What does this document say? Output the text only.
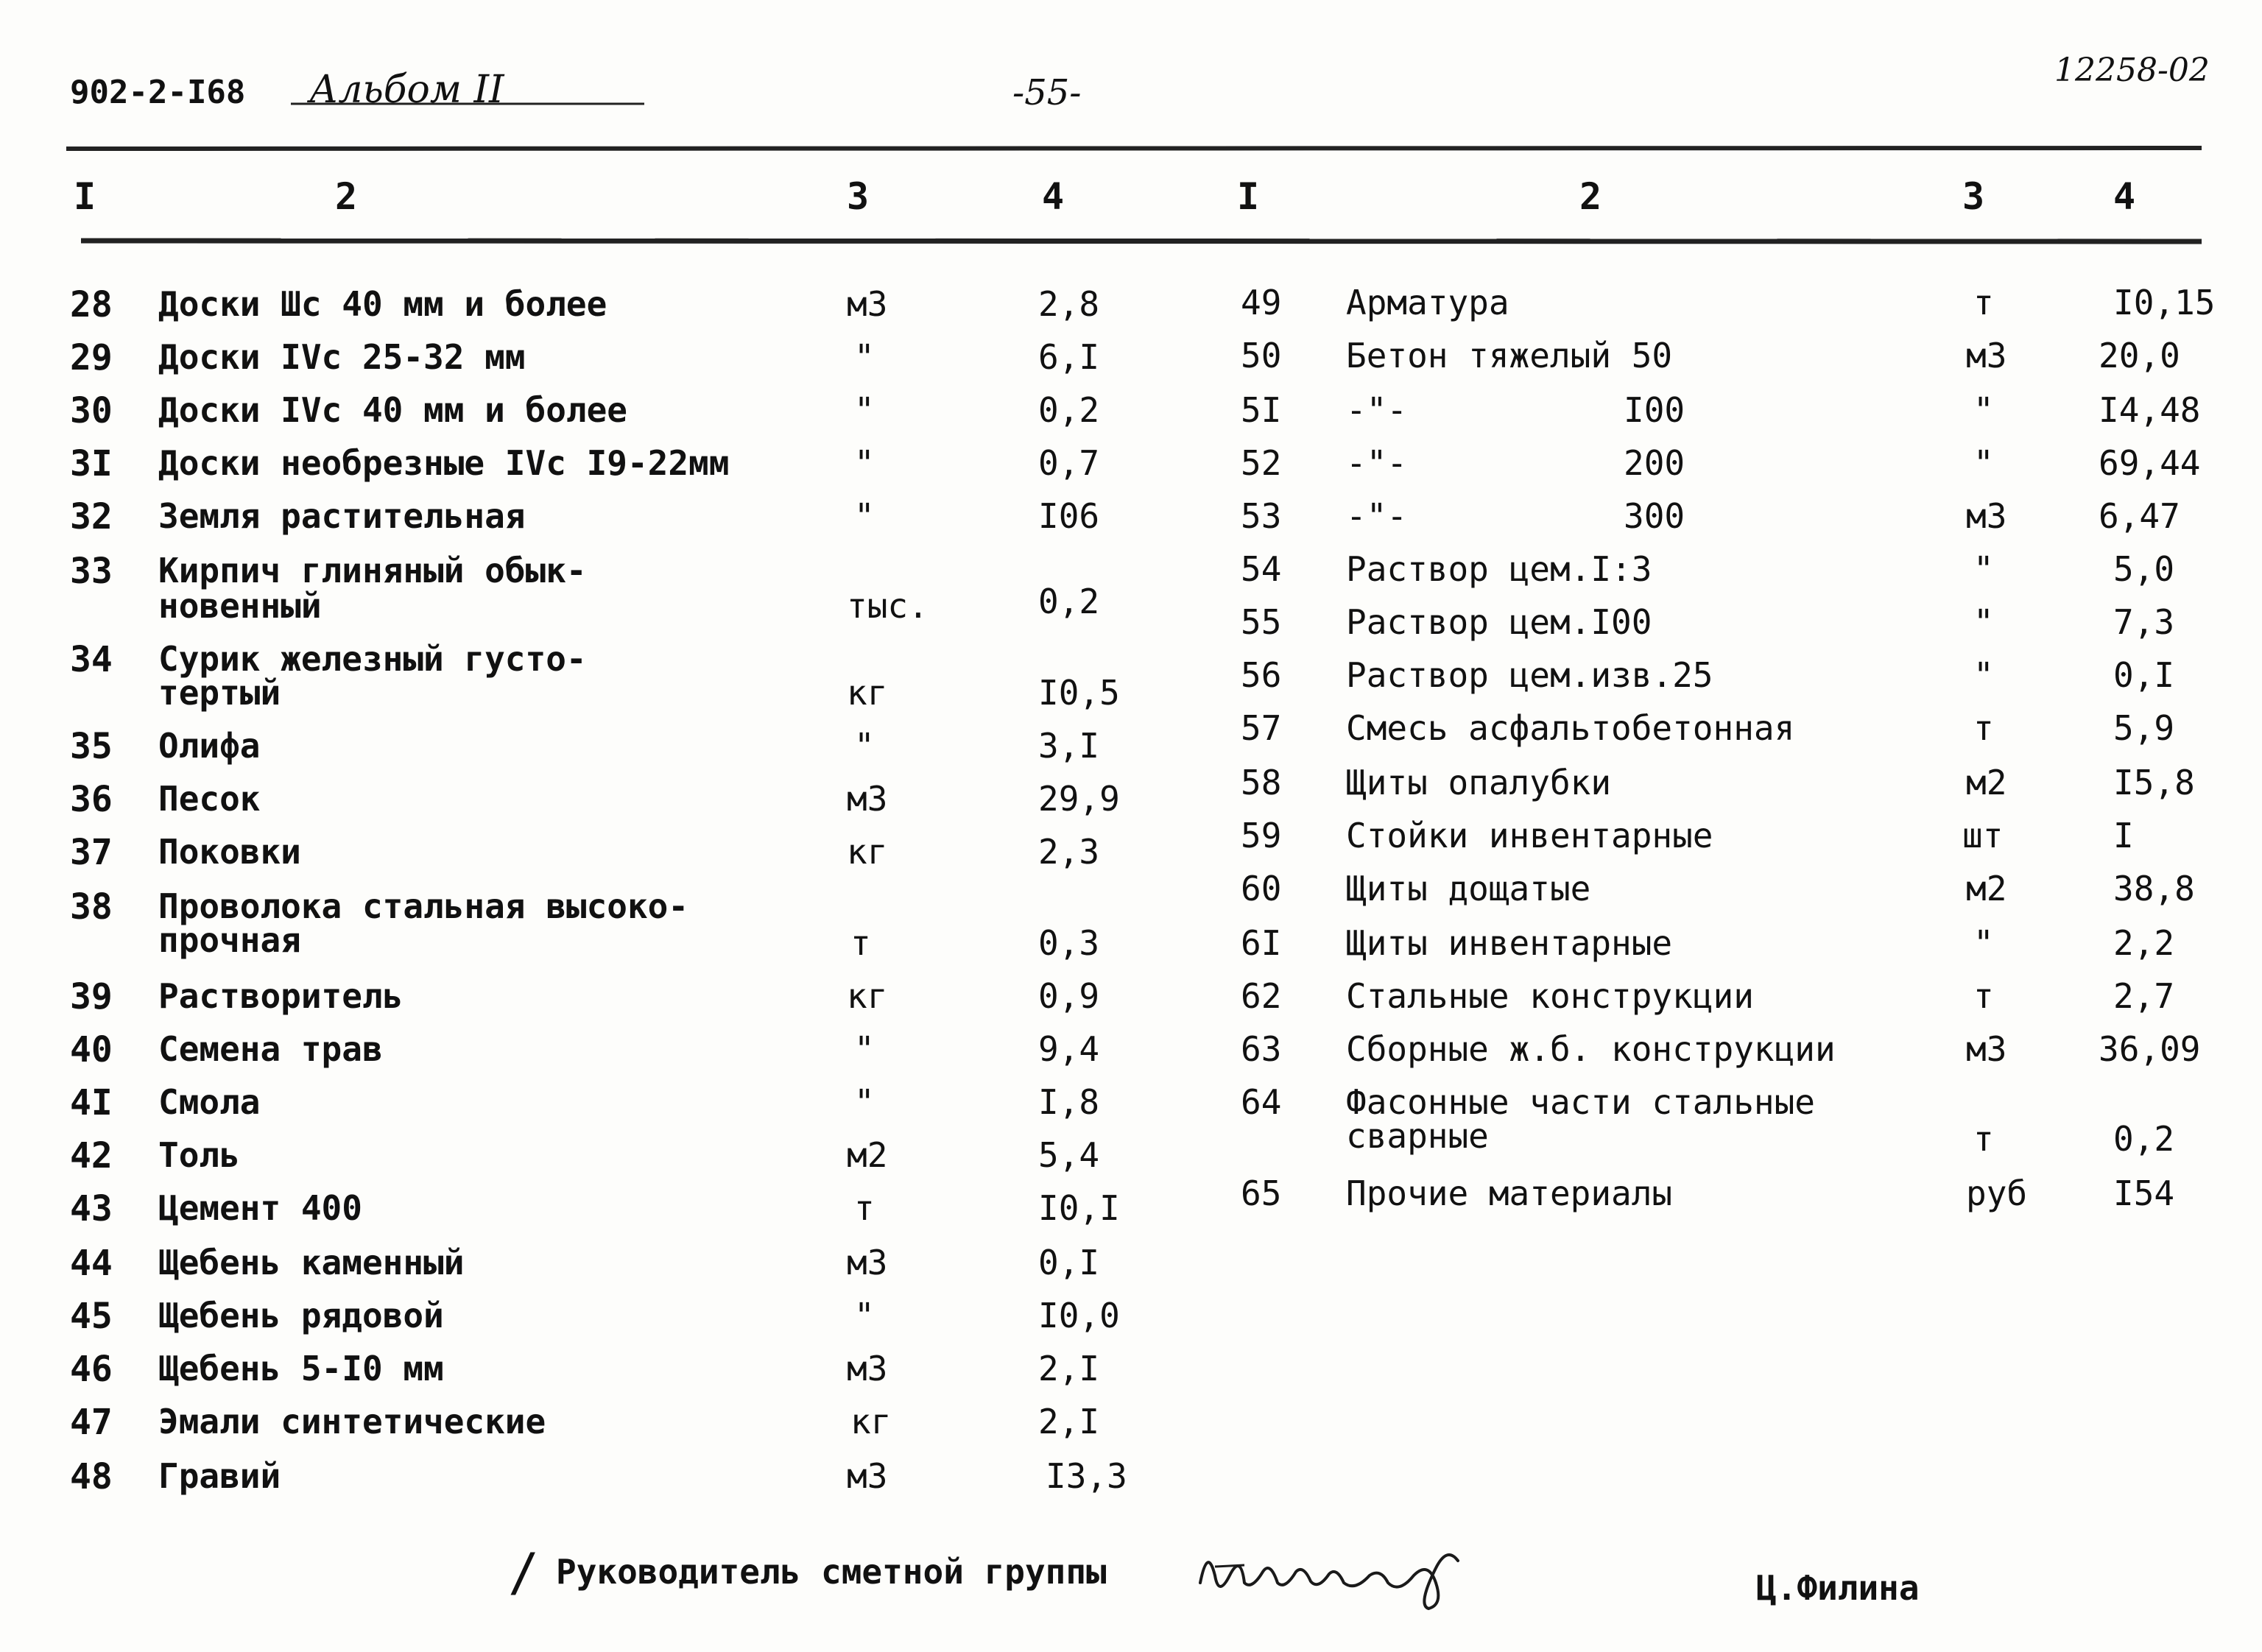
902-2-I68 Альбом II	-55-
12258-02
I	2	3	4	I	2	3	4
28 Доски Шс 40 мм и более	м3	2,8
29 Доски IVс 25-32 мм	"	6,I
30 Доски IVс 40 мм и более	"	0,2
3I Доски необрезные IVс I9-22мм	"	0,7
32 Земля растительная	"	I06
33 Кирпич глиняный обык-
новенный	тыс.	0,2
34 Сурик железный густо-
тертый	кг	I0,5
35 Олифа	"	3,I
36 Песок	м3	29,9
37 Поковки	кг	2,3
38 Проволока стальная высоко-
прочная	т	0,3
39 Растворитель	кг	0,9
40 Семена трав	"	9,4
4I Смола	"	I,8
42 Толь	м2	5,4
43 Цемент 400	т	I0,I
44 Щебень каменный	м3	0,I
45 Щебень рядовой	"	I0,0
46 Щебень 5-I0 мм	м3	2,I
47 Эмали синтетические	кг	2,I
48 Гравий	м3	I3,3
49 Арматура	т	I0,15
50 Бетон тяжелый 50	м3	20,0
5I -"-	I00	"	I4,48
52 -"-	200	"	69,44
53 -"-	300	м3	6,47
54 Раствор цем.I:3	"	5,0
55 Раствор цем.I00	"	7,3
56 Раствор цем.изв.25	"	0,I
57 Смесь асфальтобетонная	т	5,9
58 Щиты опалубки	м2	I5,8
59 Стойки инвентарные	шт	I
60 Щиты дощатые	м2	38,8
6I Щиты инвентарные	"	2,2
62 Стальные конструкции	т	2,7
63 Сборные ж.б. конструкции	м3	36,09
64 Фасонные части стальные
сварные	т	0,2
65 Прочие материалы	руб	I54
/ Руководитель сметной группы	Ц.Филина
